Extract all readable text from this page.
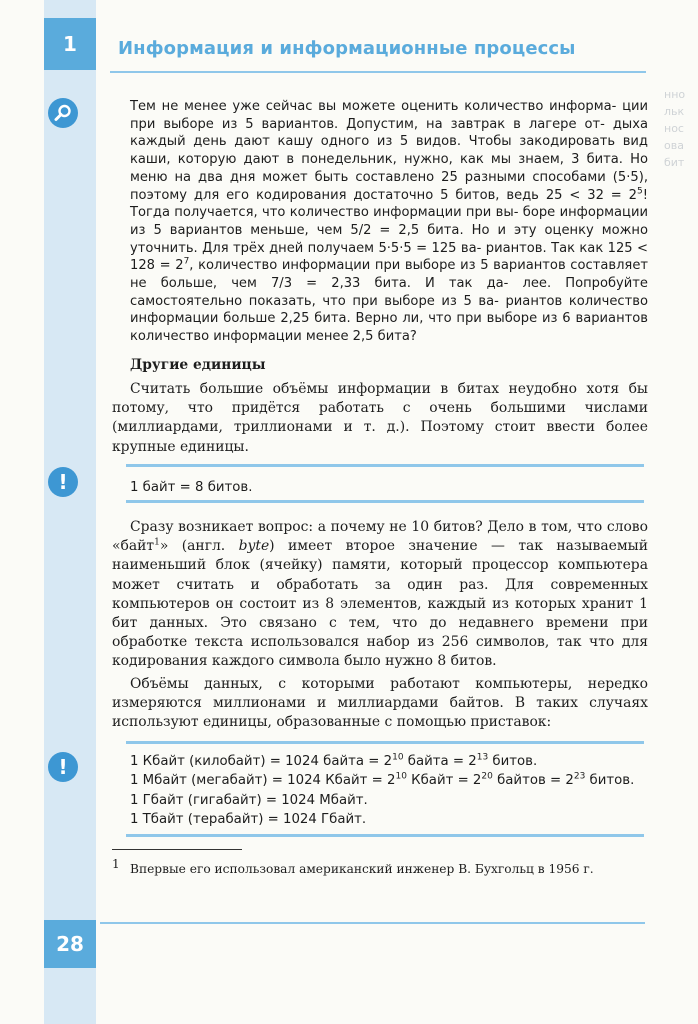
1 Информация и информационные процессы
нно льк нос ова бит

Тем не менее уже сейчас вы можете оценить количество информа- ции при выборе из 5 вариантов. Допустим, на завтрак в лагере от- дыха каждый день дают кашу одного из 5 видов. Чтобы закодировать вид каши, которую дают в понедельник, нужно, как мы знаем, 3 бита. Но меню на два дня может быть составлено 25 разными способами (5·5), поэтому для его кодирования достаточно 5 битов, ведь $25 < 32 = 2^5$! Тогда получается, что количество информации при вы- боре информации из 5 вариантов меньше, чем 5/2 = 2,5 бита. Но и эту оценку можно уточнить. Для трёх дней получаем 5·5·5 = 125 ва- риантов. Так как $125 < 128 = 2^7$, количество информации при выборе из 5 вариантов составляет не больше, чем 7/3 = 2,33 бита. И так да- лее. Попробуйте самостоятельно показать, что при выборе из 5 ва- риантов количество информации больше 2,25 бита. Верно ли, что при выборе из 6 вариантов количество информации менее 2,5 бита?

Другие единицы

Считать большие объёмы информации в битах неудобно хотя бы потому, что придётся работать с очень большими числами (миллиардами, триллионами и т. д.). Поэтому стоит ввести более крупные единицы.

!	1 байт = 8 битов.

Сразу возникает вопрос: а почему не 10 битов? Дело в том, что слово «байт$^1$» (англ. byte) имеет второе значение — так называемый наименьший блок (ячейку) памяти, который процессор компьютера может считать и обработать за один раз. Для современных компьютеров он состоит из 8 элементов, каждый из которых хранит 1 бит данных. Это связано с тем, что до недавнего времени при обработке текста использовался набор из 256 символов, так что для кодирования каждого символа было нужно 8 битов.

Объёмы данных, с которыми работают компьютеры, нередко измеряются миллионами и миллиардами байтов. В таких случаях используют единицы, образованные с помощью приставок:

!	1 Кбайт (килобайт) = 1024 байта = $2^{10}$ байта = $2^{13}$ битов.
1 Мбайт (мегабайт) = 1024 Кбайт = $2^{10}$ Кбайт = $2^{20}$ байтов = $2^{23}$ битов.
1 Гбайт (гигабайт) = 1024 Мбайт.
1 Тбайт (терабайт) = 1024 Гбайт.
$^1$ Впервые его использовал американский инженер В. Бухгольц в 1956 г.
28
